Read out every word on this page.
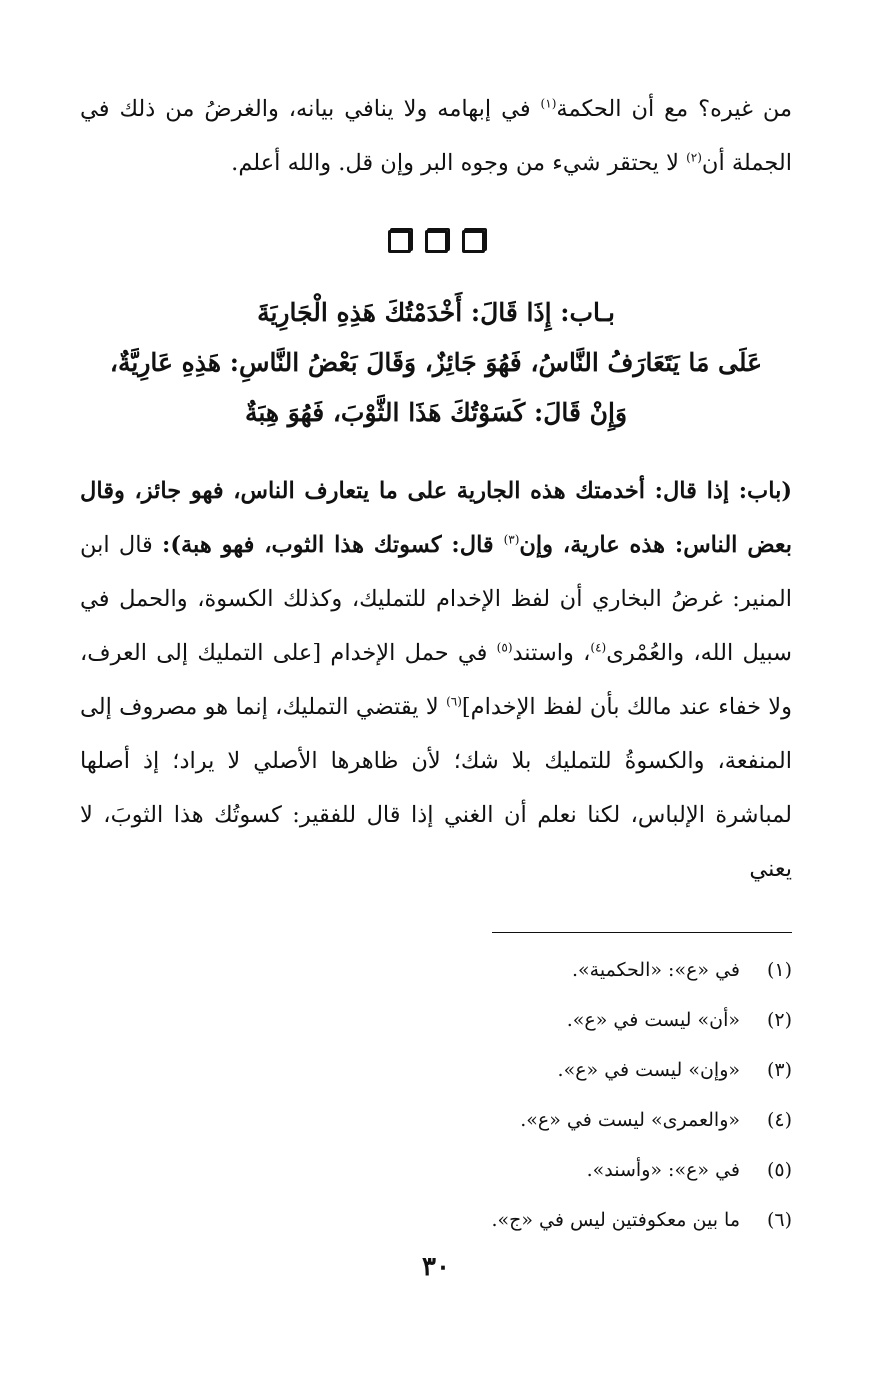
من غيره؟ مع أن الحكمة$^{(١)}$ في إبهامه ولا ينافي بيانه، والغرضُ من ذلك في الجملة أن$^{(٢)}$ لا يحتقر شيء من وجوه البر وإن قل. والله أعلم.

بـاب: إِذَا قَالَ: أَخْدَمْتُكَ هَذِهِ الْجَارِيَةَ

عَلَى مَا يَتَعَارَفُ النَّاسُ، فَهُوَ جَائِزٌ، وَقَالَ بَعْضُ النَّاسِ: هَذِهِ عَارِيَّةٌ،

وَإِنْ قَالَ: كَسَوْتُكَ هَذَا الثَّوْبَ، فَهُوَ هِبَةٌ

(باب: إذا قال: أخدمتك هذه الجارية على ما يتعارف الناس، فهو جائز، وقال بعض الناس: هذه عارية، وإن$^{(٣)}$ قال: كسوتك هذا الثوب، فهو هبة): قال ابن المنير: غرضُ البخاري أن لفظ الإخدام للتمليك، وكذلك الكسوة، والحمل في سبيل الله، والعُمْرى$^{(٤)}$، واستند$^{(٥)}$ في حمل الإخدام [على التمليك إلى العرف، ولا خفاء عند مالك بأن لفظ الإخدام]$^{(٦)}$ لا يقتضي التمليك، إنما هو مصروف إلى المنفعة، والكسوةُ للتمليك بلا شك؛ لأن ظاهرها الأصلي لا يراد؛ إذ أصلها لمباشرة الإلباس، لكنا نعلم أن الغني إذا قال للفقير: كسوتُك هذا الثوبَ، لا يعني

(١)
في «ع»: «الحكمية».
(٢)
«أن» ليست في «ع».
(٣)
«وإن» ليست في «ع».
(٤)
«والعمرى» ليست في «ع».
(٥)
في «ع»: «وأسند».
(٦)
ما بين معكوفتين ليس في «ج».
٣٠
